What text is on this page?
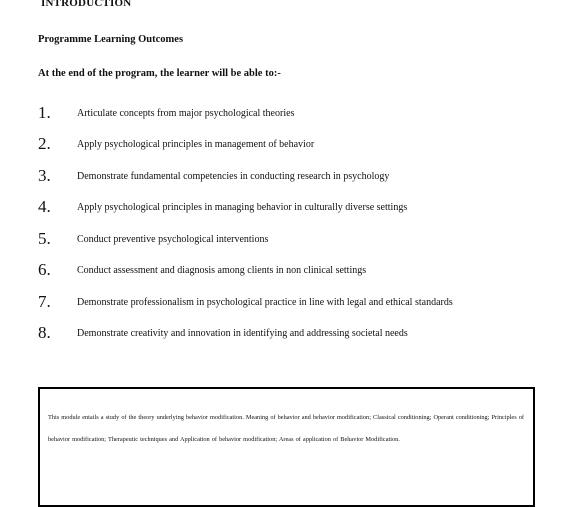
INTRODUCTION
Programme Learning Outcomes
At the end of the program, the learner will be able to:-
1.	Articulate concepts from major psychological theories
2.	Apply psychological principles in management of behavior
3.	Demonstrate fundamental competencies in conducting research in psychology
4.	Apply psychological principles in managing behavior in culturally diverse settings
5.	Conduct preventive psychological interventions
6.	Conduct assessment and diagnosis among clients in non clinical settings
7.	Demonstrate professionalism in psychological practice in line with legal and ethical standards
8.	Demonstrate creativity and innovation in identifying and addressing societal needs
This module entails a study of the theory underlying behavior modification. Meaning of behavior and behavior modification; Classical conditioning; Operant conditioning; Principles of behavior modification; Therapeutic techniques and Application of behavior modification; Areas of application of Behavior Modification.
